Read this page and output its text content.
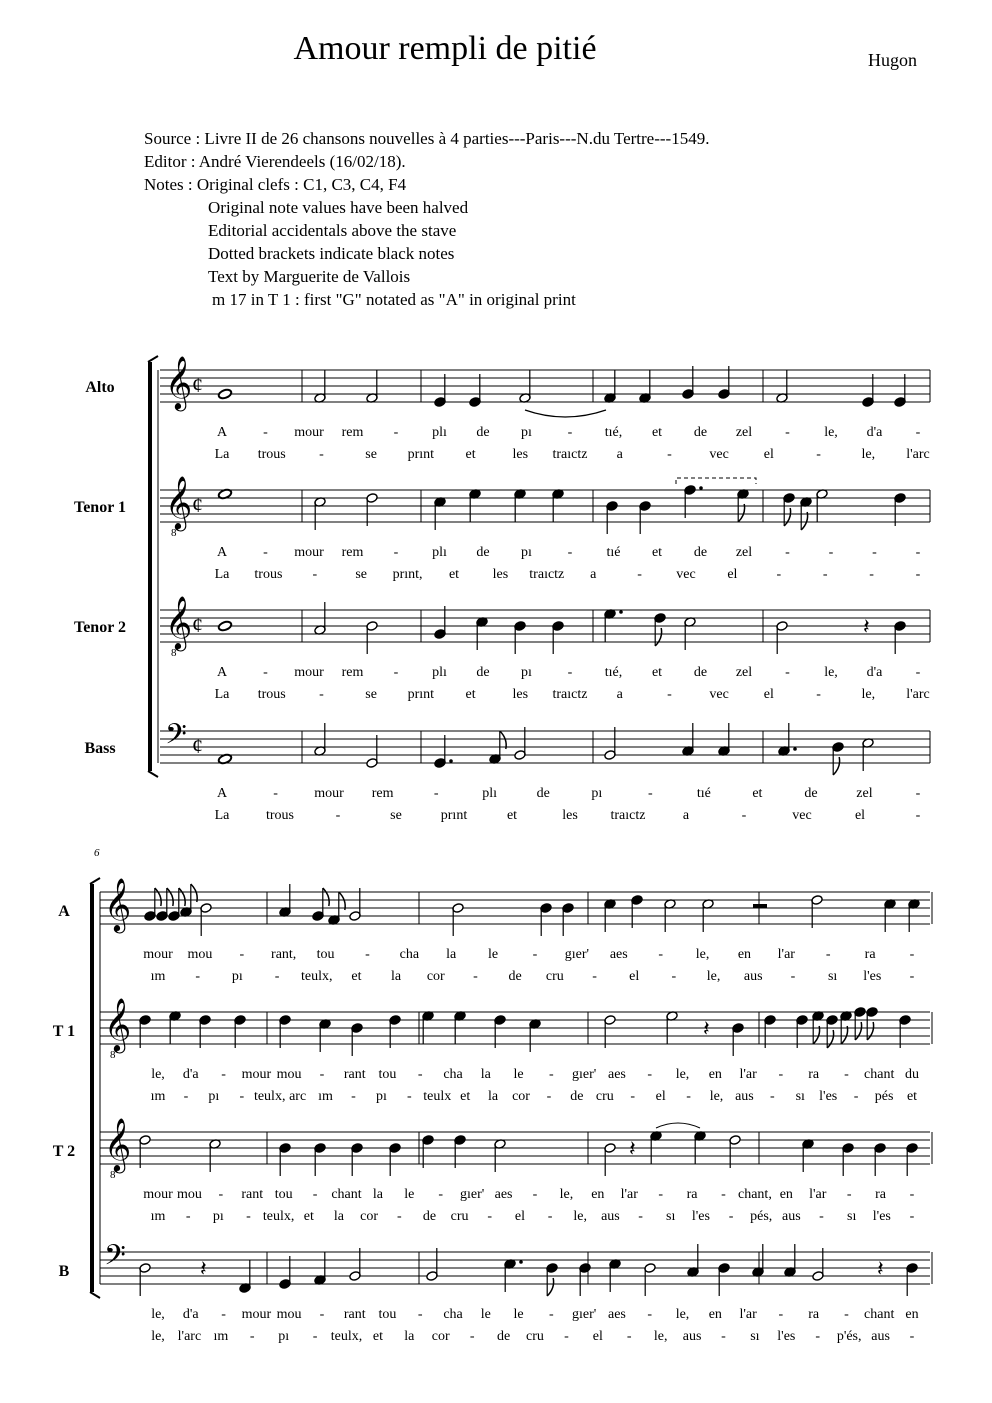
Amour rempli de pitié	Hugon
Source : Livre II de 26 chansons nouvelles à 4 parties---Paris---N.du Tertre---1549.
Editor : André Vierendeels (16/02/18).
Notes : Original clefs : C1, C3, C4, F4
Original note values have been halved
Editorial accidentals above the stave
Dotted brackets indicate black notes
Text by Marguerite de Vallois
m 17 in T 1 : first "G" notated as "A" in original print
𝄞 ¢
Alto
A	- mour rem - plı de pı	- tıé, et de zel - le, d'a -
La trous -	se prınt et	les traıctz a	-	vec el	-	le, l'arc
𝄞
8
¢
Tenor 1
A	- mour rem - plı de pı	- tıé et de zel -	-	-	-
La trous -	se prınt, et les traıctz a	- vec el	-	-	-	-
𝄞
8
¢
Tenor 2
A	- mour rem - plı de pı	- tıé, et de zel - le, d'a -
La trous -	se prınt et	les traıctz a	-	vec el	-	le, l'arc
𝄢 ¢
Bass
A	-	mour rem	-	plı	de	pı	-	tıé	et	de	zel	-
La	trous	-	se	prınt	et	les traıctz	a	-	vec	el	-
𝄽
6
𝄞
A
mour mou - rant, tou - cha la le - gıer' aes - le, en l'ar - ra -
ım - pı - teulx, et la cor - de cru - el - le, aus - sı l'es -
𝄞
8
T 1
le, d'a - mour mou - rant tou - cha la le - gıer' aes - le, en l'ar - ra - chant du
ım - pı - teulx, arc ım - pı - teulx et la cor - de cru - el - le, aus - sı l'es - pés et
𝄞
8
T 2
mour mou - rant tou - chant la le - gıer' aes - le, en l'ar - ra - chant, en l'ar - ra -
ım - pı - teulx, et la cor - de cru - el - le, aus - sı l'es - pés, aus - sı l'es -
𝄢
B
le, d'a - mour mou - rant tou - cha le le - gıer' aes - le, en l'ar - ra - chant en
le, l'arc ım - pı - teulx, et la cor - de cru - el - le, aus - sı l'es - p'és, aus -
𝄽
𝄽
𝄽	𝄽
